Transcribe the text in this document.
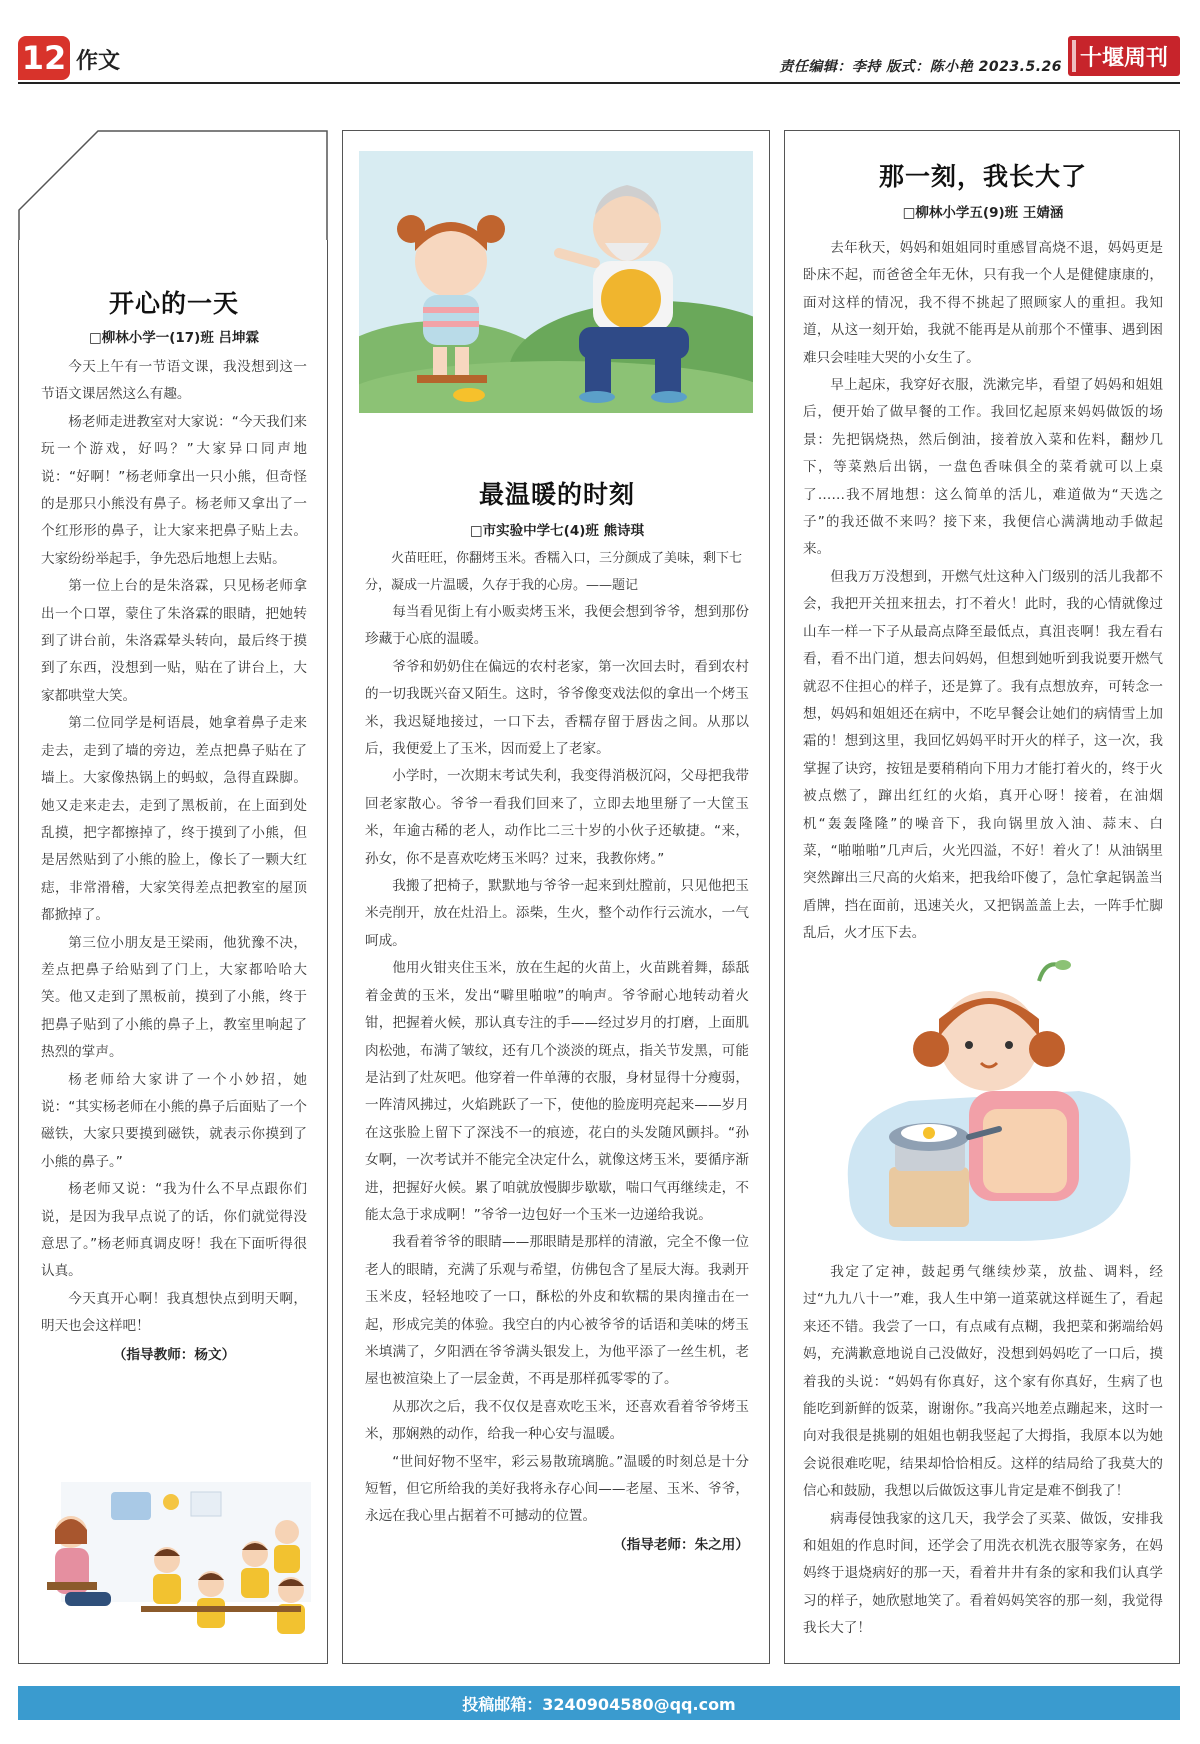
12 作文	责任编辑：李持 版式：陈小艳 2023.5.26 十堰周刊
开心的一天
□柳林小学一(17)班 吕坤霖

今天上午有一节语文课，我没想到这一节语文课居然这么有趣。

杨老师走进教室对大家说：“今天我们来玩一个游戏，好吗？”大家异口同声地说：“好啊！”杨老师拿出一只小熊，但奇怪的是那只小熊没有鼻子。杨老师又拿出了一个红形形的鼻子，让大家来把鼻子贴上去。大家纷纷举起手，争先恐后地想上去贴。

第一位上台的是朱洛霖，只见杨老师拿出一个口罩，蒙住了朱洛霖的眼睛，把她转到了讲台前，朱洛霖晕头转向，最后终于摸到了东西，没想到一贴，贴在了讲台上，大家都哄堂大笑。

第二位同学是柯语晨，她拿着鼻子走来走去，走到了墙的旁边，差点把鼻子贴在了墙上。大家像热锅上的蚂蚁，急得直跺脚。她又走来走去，走到了黑板前，在上面到处乱摸，把字都擦掉了，终于摸到了小熊，但是居然贴到了小熊的脸上，像长了一颗大红痣，非常滑稽，大家笑得差点把教室的屋顶都掀掉了。

第三位小朋友是王梁雨，他犹豫不决，差点把鼻子给贴到了门上，大家都哈哈大笑。他又走到了黑板前，摸到了小熊，终于把鼻子贴到了小熊的鼻子上，教室里响起了热烈的掌声。

杨老师给大家讲了一个小妙招，她说：“其实杨老师在小熊的鼻子后面贴了一个磁铁，大家只要摸到磁铁，就表示你摸到了小熊的鼻子。”

杨老师又说：“我为什么不早点跟你们说，是因为我早点说了的话，你们就觉得没意思了。”杨老师真调皮呀！我在下面听得很认真。

今天真开心啊！我真想快点到明天啊，明天也会这样吧！

（指导教师：杨文）
最温暖的时刻
□市实验中学七(4)班 熊诗琪

火苗旺旺，你翻烤玉米。香糯入口，三分颜成了美味，剩下七分，凝成一片温暖，久存于我的心房。——题记

每当看见街上有小贩卖烤玉米，我便会想到爷爷，想到那份珍藏于心底的温暖。

爷爷和奶奶住在偏远的农村老家，第一次回去时，看到农村的一切我既兴奋又陌生。这时，爷爷像变戏法似的拿出一个烤玉米，我迟疑地接过，一口下去，香糯存留于唇齿之间。从那以后，我便爱上了玉米，因而爱上了老家。

小学时，一次期末考试失利，我变得消极沉闷，父母把我带回老家散心。爷爷一看我们回来了，立即去地里掰了一大筐玉米，年逾古稀的老人，动作比二三十岁的小伙子还敏捷。“来，孙女，你不是喜欢吃烤玉米吗？过来，我教你烤。”

我搬了把椅子，默默地与爷爷一起来到灶膛前，只见他把玉米壳削开，放在灶沿上。添柴，生火，整个动作行云流水，一气呵成。

他用火钳夹住玉米，放在生起的火苗上，火苗跳着舞，舔舐着金黄的玉米，发出“噼里啪啦”的响声。爷爷耐心地转动着火钳，把握着火候，那认真专注的手——经过岁月的打磨，上面肌肉松弛，布满了皱纹，还有几个淡淡的斑点，指关节发黑，可能是沾到了灶灰吧。他穿着一件单薄的衣服，身材显得十分瘦弱，一阵清风拂过，火焰跳跃了一下，使他的脸庞明亮起来——岁月在这张脸上留下了深浅不一的痕迹，花白的头发随风颤抖。“孙女啊，一次考试并不能完全决定什么，就像这烤玉米，要循序渐进，把握好火候。累了咱就放慢脚步歇歇，喘口气再继续走，不能太急于求成啊！”爷爷一边包好一个玉米一边递给我说。

我看着爷爷的眼睛——那眼睛是那样的清澈，完全不像一位老人的眼睛，充满了乐观与希望，仿佛包含了星辰大海。我剥开玉米皮，轻轻地咬了一口，酥松的外皮和软糯的果肉撞击在一起，形成完美的体验。我空白的内心被爷爷的话语和美味的烤玉米填满了，夕阳洒在爷爷满头银发上，为他平添了一丝生机，老屋也被渲染上了一层金黄，不再是那样孤零零的了。

从那次之后，我不仅仅是喜欢吃玉米，还喜欢看着爷爷烤玉米，那娴熟的动作，给我一种心安与温暖。

“世间好物不坚牢，彩云易散琉璃脆。”温暖的时刻总是十分短暂，但它所给我的美好我将永存心间——老屋、玉米、爷爷，永远在我心里占据着不可撼动的位置。

（指导老师：朱之用）
那一刻，我长大了
□柳林小学五(9)班 王婧涵

去年秋天，妈妈和姐姐同时重感冒高烧不退，妈妈更是卧床不起，而爸爸全年无休，只有我一个人是健健康康的，面对这样的情况，我不得不挑起了照顾家人的重担。我知道，从这一刻开始，我就不能再是从前那个不懂事、遇到困难只会哇哇大哭的小女生了。

早上起床，我穿好衣服，洗漱完毕，看望了妈妈和姐姐后，便开始了做早餐的工作。我回忆起原来妈妈做饭的场景：先把锅烧热，然后倒油，接着放入菜和佐料，翻炒几下，等菜熟后出锅，一盘色香味俱全的菜肴就可以上桌了……我不屑地想：这么简单的活儿，难道做为“天选之子”的我还做不来吗？接下来，我便信心满满地动手做起来。

但我万万没想到，开燃气灶这种入门级别的活儿我都不会，我把开关扭来扭去，打不着火！此时，我的心情就像过山车一样一下子从最高点降至最低点，真沮丧啊！我左看右看，看不出门道，想去问妈妈，但想到她听到我说要开燃气就忍不住担心的样子，还是算了。我有点想放弃，可转念一想，妈妈和姐姐还在病中，不吃早餐会让她们的病情雪上加霜的！想到这里，我回忆妈妈平时开火的样子，这一次，我掌握了诀窍，按钮是要稍稍向下用力才能打着火的，终于火被点燃了，蹿出红红的火焰，真开心呀！接着，在油烟机“轰轰隆隆”的噪音下，我向锅里放入油、蒜末、白菜，“啪啪啪”几声后，火光四溢，不好！着火了！从油锅里突然蹿出三尺高的火焰来，把我给吓傻了，急忙拿起锅盖当盾牌，挡在面前，迅速关火，又把锅盖盖上去，一阵手忙脚乱后，火才压下去。

我定了定神，鼓起勇气继续炒菜，放盐、调料，经过“九九八十一”难，我人生中第一道菜就这样诞生了，看起来还不错。我尝了一口，有点咸有点糊，我把菜和粥端给妈妈，充满歉意地说自己没做好，没想到妈妈吃了一口后，摸着我的头说：“妈妈有你真好，这个家有你真好，生病了也能吃到新鲜的饭菜，谢谢你。”我高兴地差点蹦起来，这时一向对我很是挑剔的姐姐也朝我竖起了大拇指，我原本以为她会说很难吃呢，结果却恰恰相反。这样的结局给了我莫大的信心和鼓励，我想以后做饭这事儿肯定是难不倒我了！

病毒侵蚀我家的这几天，我学会了买菜、做饭，安排我和姐姐的作息时间，还学会了用洗衣机洗衣服等家务，在妈妈终于退烧病好的那一天，看着井井有条的家和我们认真学习的样子，她欣慰地笑了。看着妈妈笑容的那一刻，我觉得我长大了！

投稿邮箱：3240904580@qq.com
